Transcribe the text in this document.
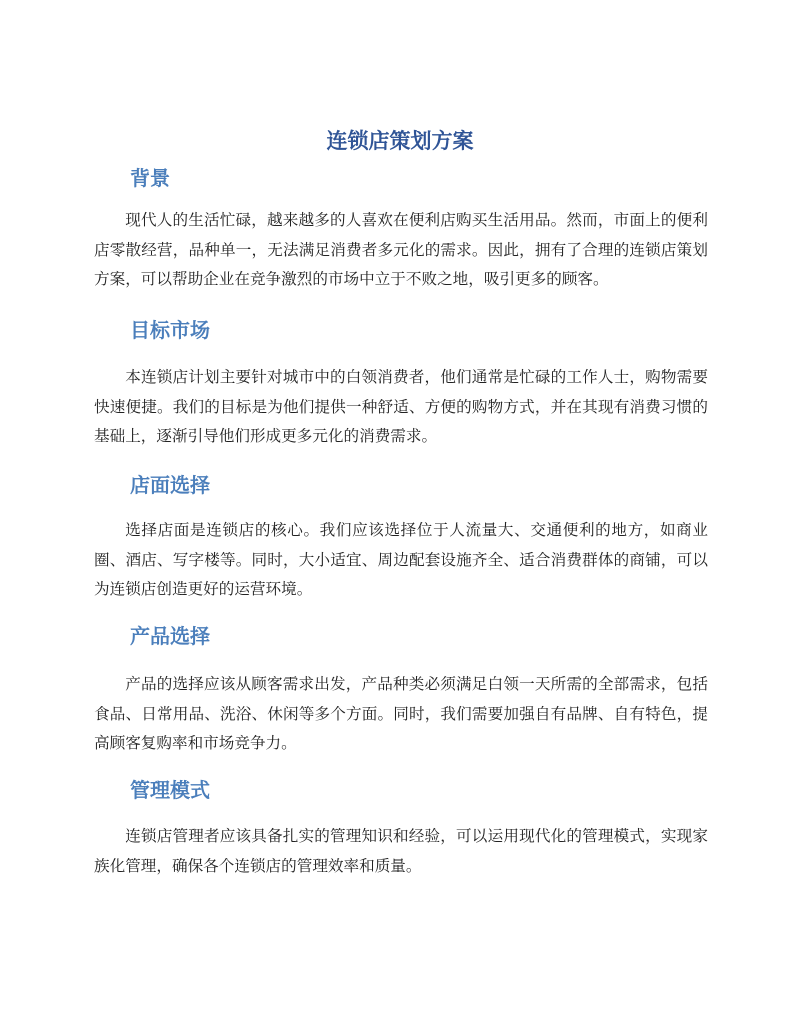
连锁店策划方案
背景

现代人的生活忙碌，越来越多的人喜欢在便利店购买生活用品。然而，市面上的便利店零散经营，品种单一，无法满足消费者多元化的需求。因此，拥有了合理的连锁店策划方案，可以帮助企业在竞争激烈的市场中立于不败之地，吸引更多的顾客。

目标市场

本连锁店计划主要针对城市中的白领消费者，他们通常是忙碌的工作人士，购物需要快速便捷。我们的目标是为他们提供一种舒适、方便的购物方式，并在其现有消费习惯的基础上，逐渐引导他们形成更多元化的消费需求。

店面选择

选择店面是连锁店的核心。我们应该选择位于人流量大、交通便利的地方，如商业圈、酒店、写字楼等。同时，大小适宜、周边配套设施齐全、适合消费群体的商铺，可以为连锁店创造更好的运营环境。

产品选择

产品的选择应该从顾客需求出发，产品种类必须满足白领一天所需的全部需求，包括食品、日常用品、洗浴、休闲等多个方面。同时，我们需要加强自有品牌、自有特色，提高顾客复购率和市场竞争力。

管理模式

连锁店管理者应该具备扎实的管理知识和经验，可以运用现代化的管理模式，实现家族化管理，确保各个连锁店的管理效率和质量。
